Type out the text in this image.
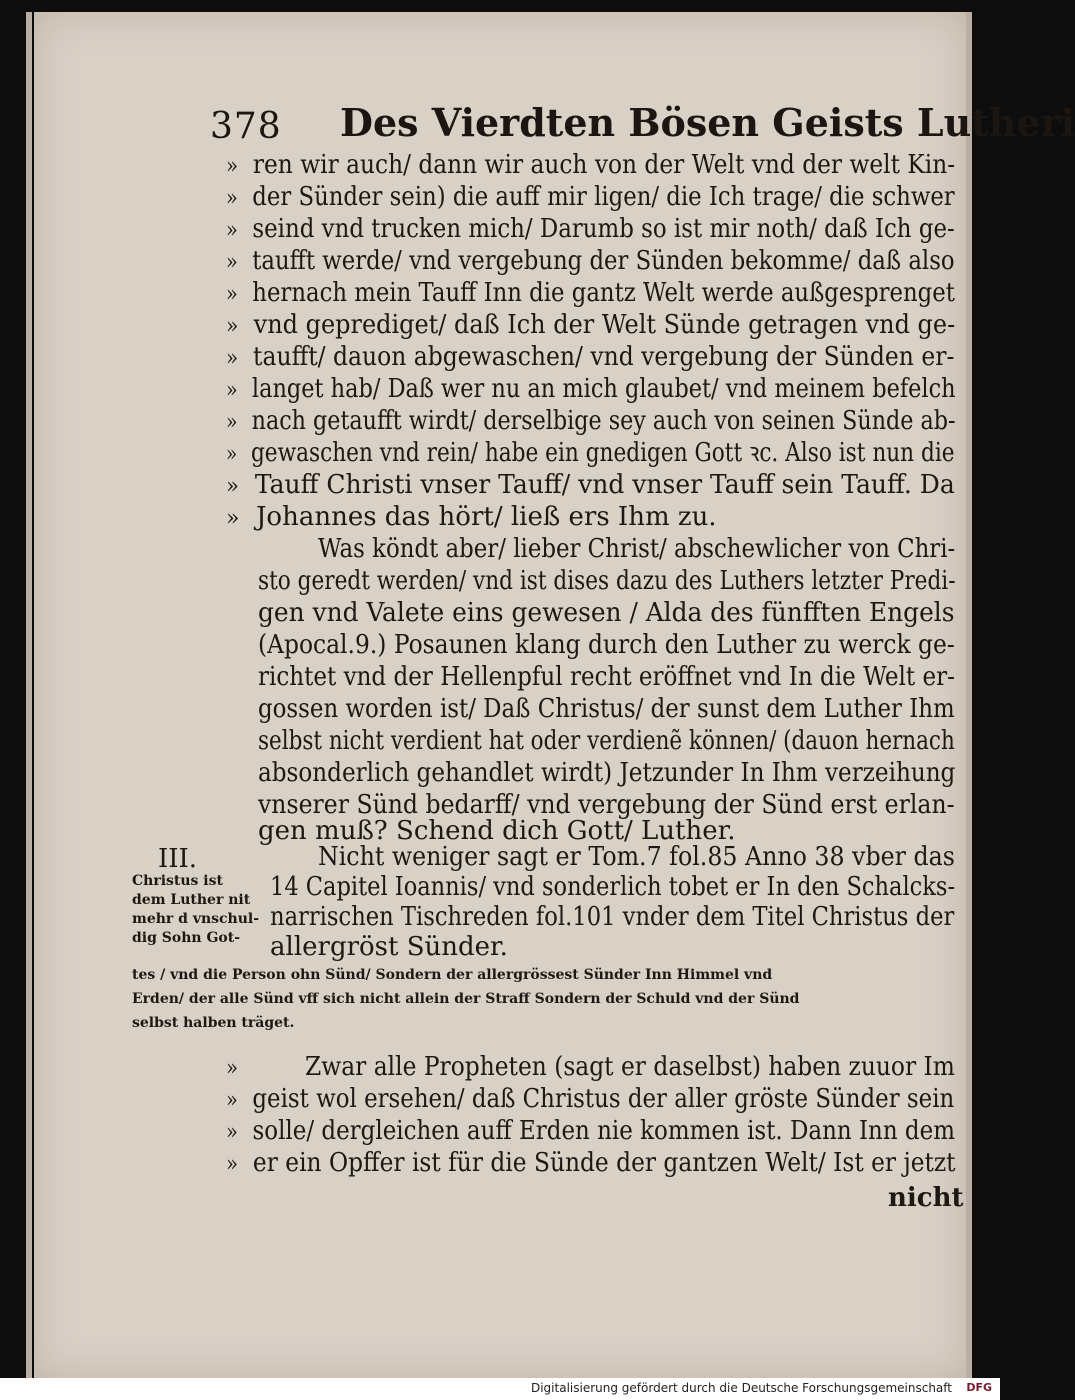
378 Des Vierdten Bösen Geists Lutheri
» ren wir auch/ dann wir auch von der Welt vnd der welt Kin-
» der Sünder sein) die auff mir ligen/ die Ich trage/ die schwer
» seind vnd trucken mich/ Darumb so ist mir noth/ daß Ich ge-
» taufft werde/ vnd vergebung der Sünden bekomme/ daß also
» hernach mein Tauff Inn die gantz Welt werde außgesprenget
» vnd geprediget/ daß Ich der Welt Sünde getragen vnd ge-
» taufft/ dauon abgewaschen/ vnd vergebung der Sünden er-
» langet hab/ Daß wer nu an mich glaubet/ vnd meinem befelch
» nach getaufft wirdt/ derselbige sey auch von seinen Sünde ab-
» gewaschen vnd rein/ habe ein gnedigen Gott ꝛc. Also ist nun die
» Tauff Christi vnser Tauff/ vnd vnser Tauff sein Tauff. Da
» Johannes das hört/ ließ ers Ihm zu.
Was köndt aber/ lieber Christ/ abschewlicher von Chri-
sto geredt werden/ vnd ist dises dazu des Luthers letzter Predi-
gen vnd Valete eins gewesen / Alda des fünfften Engels
(Apocal.9.) Posaunen klang durch den Luther zu werck ge-
richtet vnd der Hellenpful recht eröffnet vnd In die Welt er-
gossen worden ist/ Daß Christus/ der sunst dem Luther Ihm
selbst nicht verdient hat oder verdienẽ können/ (dauon hernach
absonderlich gehandlet wirdt) Jetzunder In Ihm verzeihung
vnserer Sünd bedarff/ vnd vergebung der Sünd erst erlan-
gen muß? Schend dich Gott/ Luther.
III.	Nicht weniger sagt er Tom.7 fol.85 Anno 38 vber das
14 Capitel Ioannis/ vnd sonderlich tobet er In den Schalcks-
narrischen Tischreden fol.101 vnder dem Titel Christus der
allergröst Sünder.
Christus ist
dem Luther nit
mehr d vnschul-
dig Sohn Got-
tes / vnd die Person ohn Sünd/ Sondern der allergrössest Sünder Inn Himmel vnd
Erden/ der alle Sünd vff sich nicht allein der Straff Sondern der Schuld vnd der Sünd
selbst halben träget.
»	Zwar alle Propheten (sagt er daselbst) haben zuuor Im
» geist wol ersehen/ daß Christus der aller gröste Sünder sein
» solle/ dergleichen auff Erden nie kommen ist. Dann Inn dem
» er ein Opffer ist für die Sünde der gantzen Welt/ Ist er jetzt
nicht
Digitalisierung gefördert durch die Deutsche Forschungsgemeinschaft DFG
